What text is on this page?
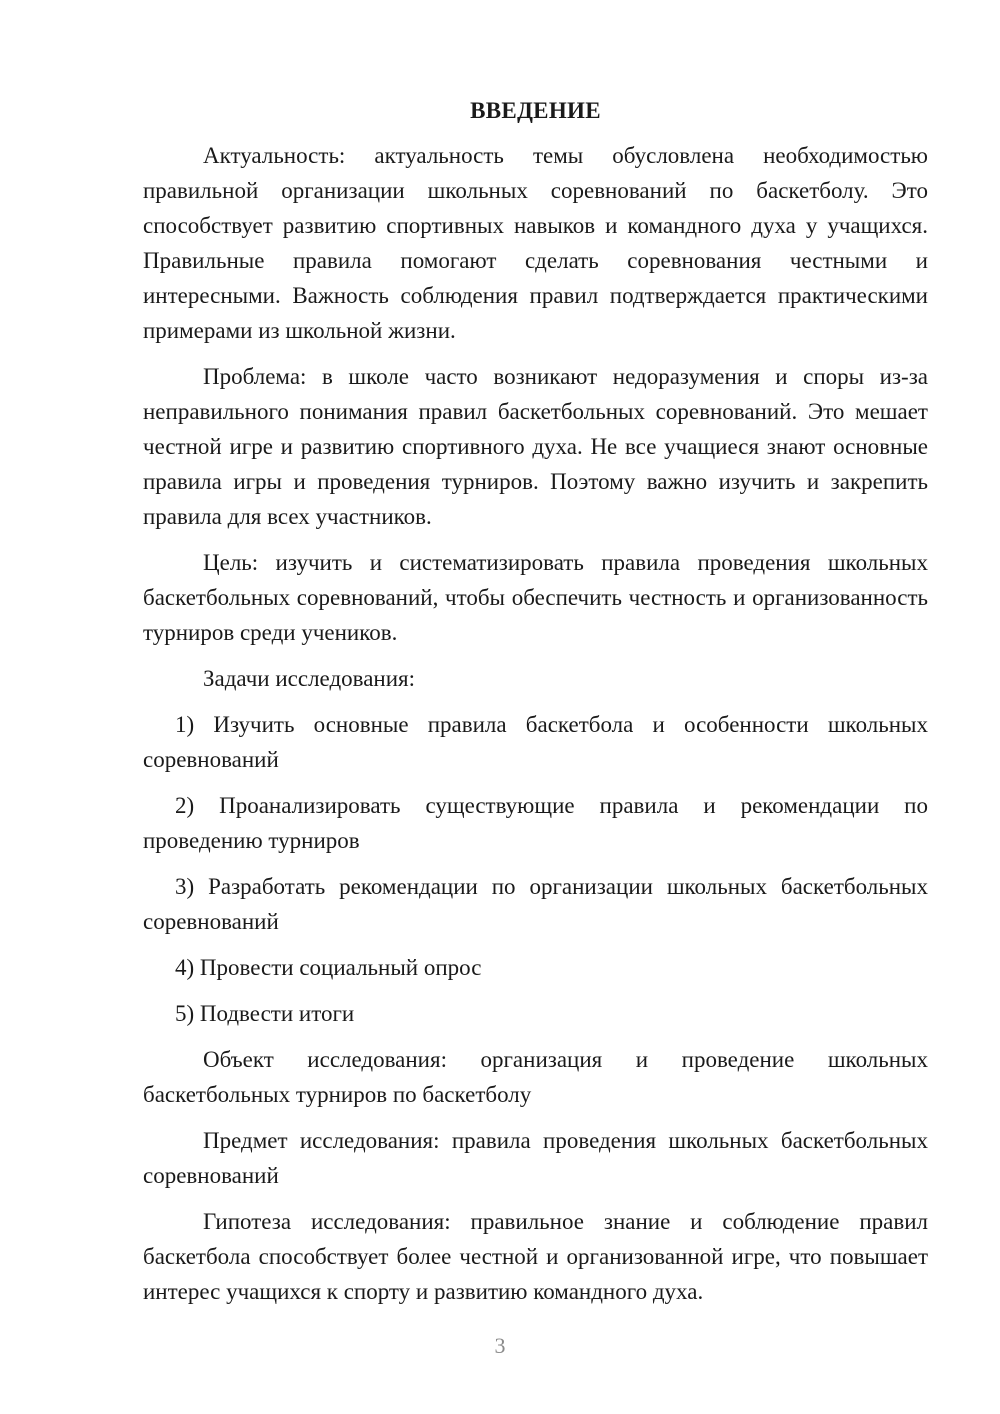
ВВЕДЕНИЕ

Актуальность: актуальность темы обусловлена необходимостью правильной организации школьных соревнований по баскетболу. Это способствует развитию спортивных навыков и командного духа у учащихся. Правильные правила помогают сделать соревнования честными и интересными. Важность соблюдения правил подтверждается практическими примерами из школьной жизни.

Проблема: в школе часто возникают недоразумения и споры из-за неправильного понимания правил баскетбольных соревнований. Это мешает честной игре и развитию спортивного духа. Не все учащиеся знают основные правила игры и проведения турниров. Поэтому важно изучить и закрепить правила для всех участников.

Цель: изучить и систематизировать правила проведения школьных баскетбольных соревнований, чтобы обеспечить честность и организованность турниров среди учеников.

Задачи исследования:

1) Изучить основные правила баскетбола и особенности школьных соревнований

2) Проанализировать существующие правила и рекомендации по проведению турниров

3) Разработать рекомендации по организации школьных баскетбольных соревнований

4) Провести социальный опрос

5) Подвести итоги

Объект исследования: организация и проведение школьных баскетбольных турниров по баскетболу

Предмет исследования: правила проведения школьных баскетбольных соревнований

Гипотеза исследования: правильное знание и соблюдение правил баскетбола способствует более честной и организованной игре, что повышает интерес учащихся к спорту и развитию командного духа.

3
